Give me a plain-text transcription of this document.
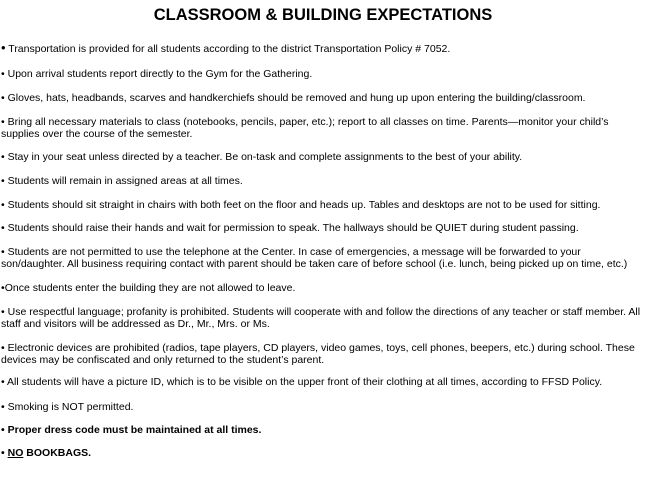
CLASSROOM & BUILDING EXPECTATIONS

• Transportation is provided for all students according to the district Transportation Policy # 7052.

• Upon arrival students report directly to the Gym for the Gathering.

• Gloves, hats, headbands, scarves and handkerchiefs should be removed and hung up upon entering the building/classroom.

• Bring all necessary materials to class (notebooks, pencils, paper, etc.); report to all classes on time. Parents—monitor your child’s supplies over the course of the semester.

• Stay in your seat unless directed by a teacher. Be on-task and complete assignments to the best of your ability.

• Students will remain in assigned areas at all times.

• Students should sit straight in chairs with both feet on the floor and heads up. Tables and desktops are not to be used for sitting.

• Students should raise their hands and wait for permission to speak. The hallways should be QUIET during student passing.

• Students are not permitted to use the telephone at the Center. In case of emergencies, a message will be forwarded to your son/daughter. All business requiring contact with parent should be taken care of before school (i.e. lunch, being picked up on time, etc.)

•Once students enter the building they are not allowed to leave.

• Use respectful language; profanity is prohibited. Students will cooperate with and follow the directions of any teacher or staff member. All staff and visitors will be addressed as Dr., Mr., Mrs. or Ms.

• Electronic devices are prohibited (radios, tape players, CD players, video games, toys, cell phones, beepers, etc.) during school. These devices may be confiscated and only returned to the student’s parent.

• All students will have a picture ID, which is to be visible on the upper front of their clothing at all times, according to FFSD Policy.

• Smoking is NOT permitted.

• Proper dress code must be maintained at all times.

• NO BOOKBAGS.
